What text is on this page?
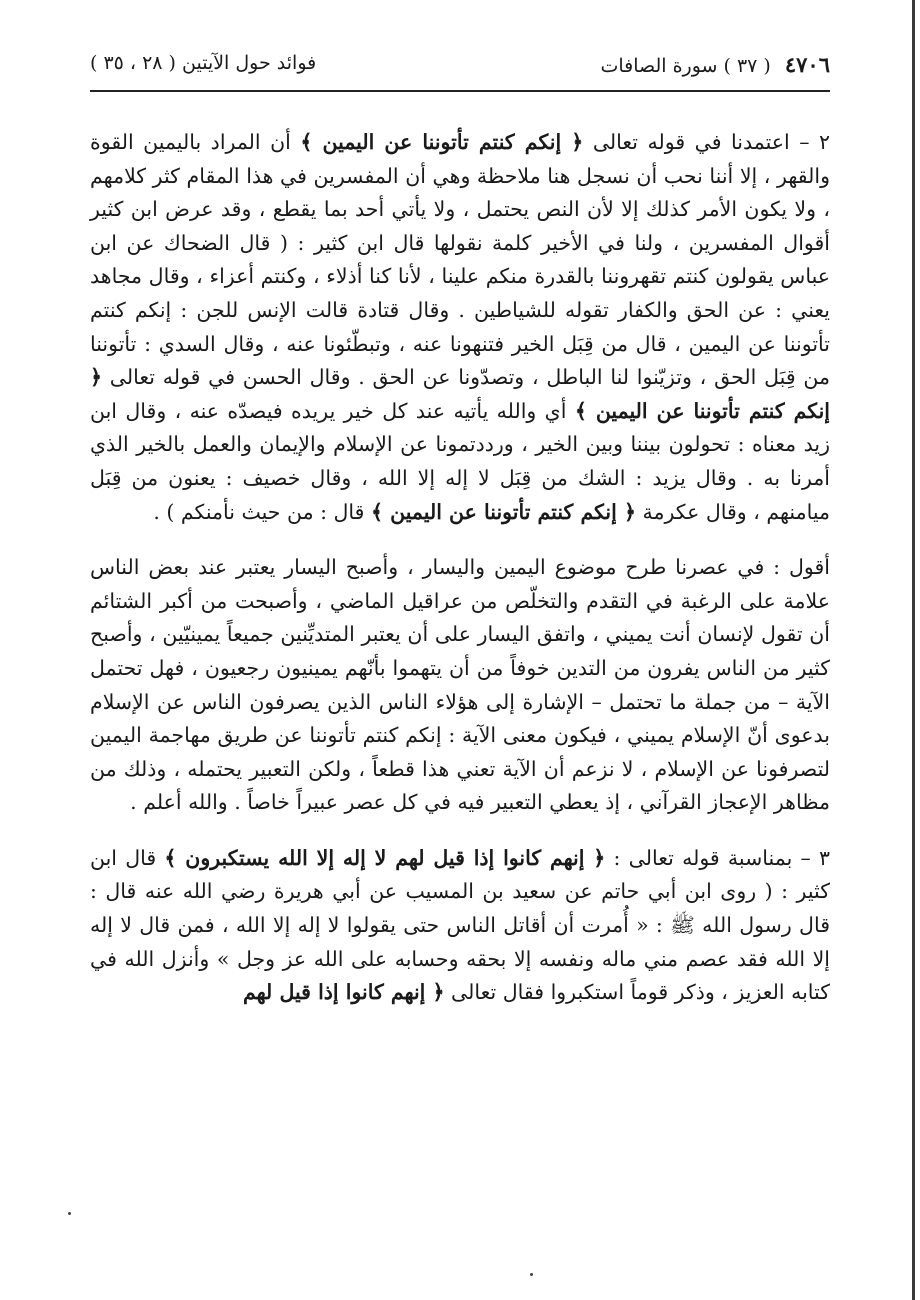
٤٧٠٦ ( ٣٧ ) سورة الصافات
فوائد حول الآيتين ( ٢٨ ، ٣٥ )

٢ – اعتمدنا في قوله تعالى ﴿ إنكم كنتم تأتوننا عن اليمين ﴾ أن المراد باليمين القوة والقهر ، إلا أننا نحب أن نسجل هنا ملاحظة وهي أن المفسرين في هذا المقام كثر كلامهم ، ولا يكون الأمر كذلك إلا لأن النص يحتمل ، ولا يأتي أحد بما يقطع ، وقد عرض ابن كثير أقوال المفسرين ، ولنا في الأخير كلمة نقولها قال ابن كثير : ( قال الضحاك عن ابن عباس يقولون كنتم تقهروننا بالقدرة منكم علينا ، لأنا كنا أذلاء ، وكنتم أعزاء ، وقال مجاهد يعني : عن الحق والكفار تقوله للشياطين . وقال قتادة قالت الإنس للجن : إنكم كنتم تأتوننا عن اليمين ، قال من قِبَل الخير فتنهونا عنه ، وتبطّئونا عنه ، وقال السدي : تأتوننا من قِبَل الحق ، وتزيّنوا لنا الباطل ، وتصدّونا عن الحق . وقال الحسن في قوله تعالى ﴿ إنكم كنتم تأتوننا عن اليمين ﴾ أي والله يأتيه عند كل خير يريده فيصدّه عنه ، وقال ابن زيد معناه : تحولون بيننا وبين الخير ، ورددتمونا عن الإسلام والإيمان والعمل بالخير الذي أمرنا به . وقال يزيد : الشك من قِبَل لا إله إلا الله ، وقال خصيف : يعنون من قِبَل ميامنهم ، وقال عكرمة ﴿ إنكم كنتم تأتوننا عن اليمين ﴾ قال : من حيث نأمنكم ) .

أقول : في عصرنا طرح موضوع اليمين واليسار ، وأصبح اليسار يعتبر عند بعض الناس علامة على الرغبة في التقدم والتخلّص من عراقيل الماضي ، وأصبحت من أكبر الشتائم أن تقول لإنسان أنت يميني ، واتفق اليسار على أن يعتبر المتديِّنين جميعاً يمينيّين ، وأصبح كثير من الناس يفرون من التدين خوفاً من أن يتهموا بأنّهم يمينيون رجعيون ، فهل تحتمل الآية – من جملة ما تحتمل – الإشارة إلى هؤلاء الناس الذين يصرفون الناس عن الإسلام بدعوى أنّ الإسلام يميني ، فيكون معنى الآية : إنكم كنتم تأتوننا عن طريق مهاجمة اليمين لتصرفونا عن الإسلام ، لا نزعم أن الآية تعني هذا قطعاً ، ولكن التعبير يحتمله ، وذلك من مظاهر الإعجاز القرآني ، إذ يعطي التعبير فيه في كل عصر عبيراً خاصاً . والله أعلم .

٣ – بمناسبة قوله تعالى : ﴿ إنهم كانوا إذا قيل لهم لا إله إلا الله يستكبرون ﴾ قال ابن كثير : ( روى ابن أبي حاتم عن سعيد بن المسيب عن أبي هريرة رضي الله عنه قال : قال رسول الله ﷺ : « أُمرت أن أقاتل الناس حتى يقولوا لا إله إلا الله ، فمن قال لا إله إلا الله فقد عصم مني ماله ونفسه إلا بحقه وحسابه على الله عز وجل » وأنزل الله في كتابه العزيز ، وذكر قوماً استكبروا فقال تعالى ﴿ إنهم كانوا إذا قيل لهم
